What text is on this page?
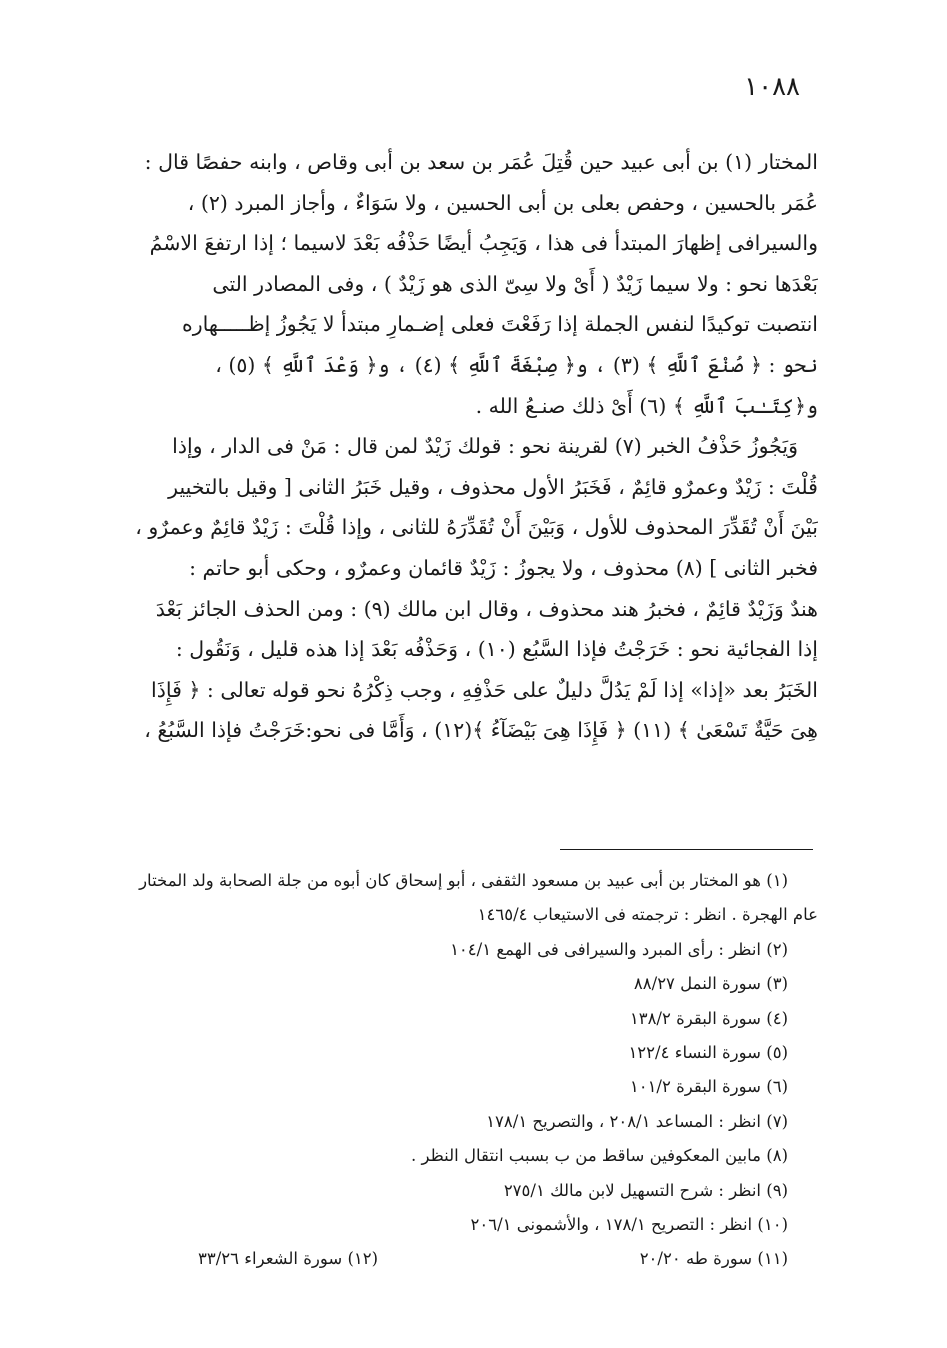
١٠٨٨

المختار (١) بن أبى عبيد حين قُتِلَ عُمَر بن سعد بن أبى وقاص ، وابنه حفصًا قال :
عُمَر بالحسين ، وحفص بعلى بن أبى الحسين ، ولا سَوَاءٌ ، وأجاز المبرد (٢) ،
والسيرافى إظهارَ المبتدأ فى هذا ، وَيَجِبُ أيضًا حَذْفُه بَعْدَ لاسيما ؛ إذا ارتفعَ الاسْمُ
بَعْدَها نحو : ولا سيما زَيْدٌ ( أَىْ ولا سِىّ الذى هو زَيْدٌ ) ، وفى المصادر التى
انتصبت توكيدًا لنفس الجملة إذا رَفَعْتَ فعلى إضـمارِ مبتدأ لا يَجُوزُ إظـــــهاره
نحو : ﴿ صُنْعَ ٱللَّهِ ﴾ (٣) ، و﴿ صِبْغَةَ ٱللَّهِ ﴾ (٤) ، و﴿ وَعْدَ ٱللَّهِ ﴾ (٥) ،
و﴿كِتَـٰبَ ٱللَّهِ ﴾ (٦) أَىْ ذلك صنـعُ الله .

وَيَجُوزُ حَذْفُ الخبر (٧) لقرينة نحو : قولك زَيْدٌ لمن قال : مَنْ فى الدار ، وإذا
قُلْتَ : زَيْدٌ وعمرٌو قائِمٌ ، فَخَبَرُ الأول محذوف ، وقيل خَبَرُ الثانى [ وقيل بالتخيير
بَيْنَ أَنْ تُقَدِّرَ المحذوف للأول ، وَبَيْنَ أَنْ تُقَدِّرَهُ للثانى ، وإذا قُلْتَ : زَيْدٌ قائِمٌ وعمرٌو ،
فخبر الثانى ] (٨) محذوف ، ولا يجوزُ : زَيْدٌ قائمان وعمرٌو ، وحكى أبو حاتم :
هندٌ وَزَيْدٌ قائِمٌ ، فخبرُ هند محذوف ، وقال ابن مالك (٩) : ومن الحذف الجائز بَعْدَ
إذا الفجائية نحو : خَرَجْتُ فإذا السَّبُع (١٠) ، وَحَذْفُه بَعْدَ إذا هذه قليل ، وَنَقُول :
الخَبَرُ بعد «إذا» إذا لَمْ يَدُلَّ دليلٌ على حَذْفِهِ ، وجب ذِكْرُهُ نحو قوله تعالى : ﴿ فَإِذَا
هِىَ حَيَّةٌ تَسْعَىٰ ﴾ (١١) ﴿ فَإِذَا هِىَ بَيْضَآءُ ﴾(١٢) ، وَأَمَّا فى نحو:خَرَجْتُ فإذا السَّبُعُ ،

(١) هو المختار بن أبى عبيد بن مسعود الثقفى ، أبو إسحاق كان أبوه من جلة الصحابة ولد المختار
عام الهجرة . انظر : ترجمته فى الاستيعاب ١٤٦٥/٤
(٢) انظر : رأى المبرد والسيرافى فى الهمع ١٠٤/١
(٣) سورة النمل ٨٨/٢٧
(٤) سورة البقرة ١٣٨/٢
(٥) سورة النساء ١٢٢/٤
(٦) سورة البقرة ١٠١/٢
(٧) انظر : المساعد ٢٠٨/١ ، والتصريح ١٧٨/١
(٨) مابين المعكوفين ساقط من ب بسبب انتقال النظر .
(٩) انظر : شرح التسهيل لابن مالك ٢٧٥/١
(١٠) انظر : التصريح ١٧٨/١ ، والأشمونى ٢٠٦/١
(١١) سورة طه ٢٠/٢٠
(١٢) سورة الشعراء ٣٣/٢٦
